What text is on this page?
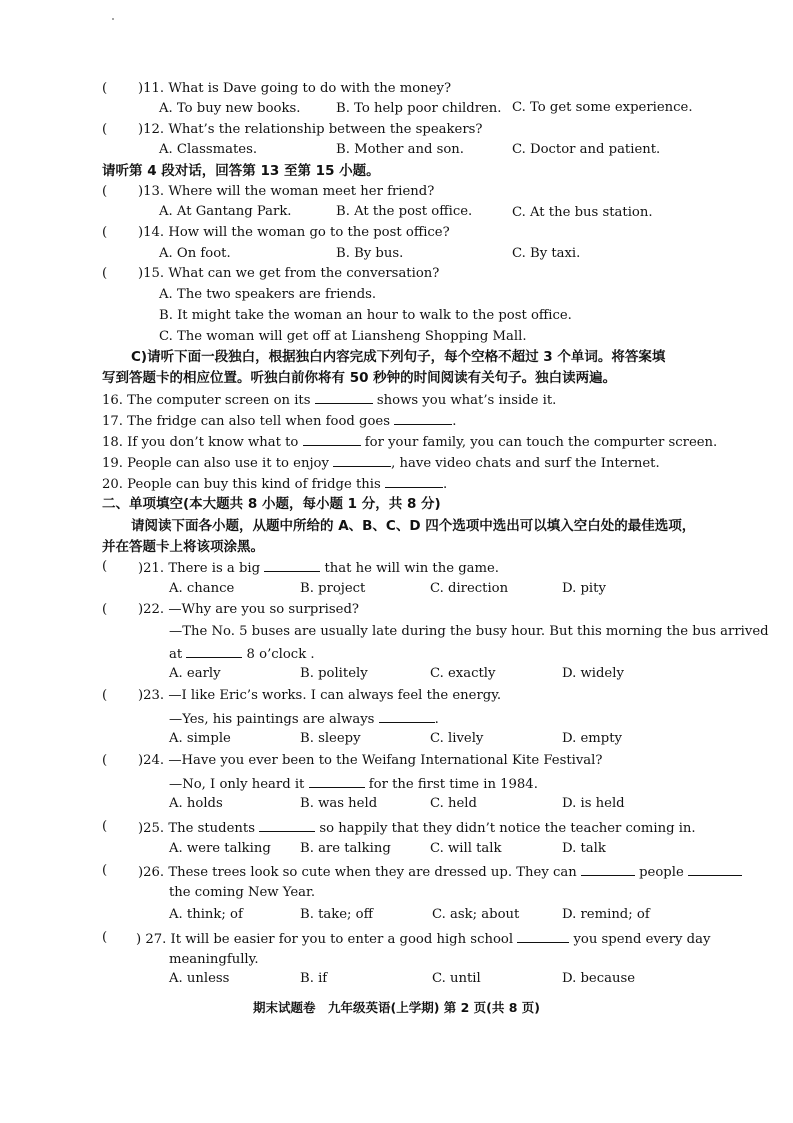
( )11. What is Dave going to do with the money?
A. To buy new books.	B. To help poor children. C. To get some experience.
( )12. What’s the relationship between the speakers?
A. Classmates.	B. Mother and son.	C. Doctor and patient.
请听第 4 段对话，回答第 13 至第 15 小题。
( )13. Where will the woman meet her friend?
A. At Gantang Park.	B. At the post office.	C. At the bus station.
( )14. How will the woman go to the post office?
A. On foot.	B. By bus.	C. By taxi.
( )15. What can we get from the conversation?
A. The two speakers are friends.
B. It might take the woman an hour to walk to the post office.
C. The woman will get off at Liansheng Shopping Mall.
C)请听下面一段独白，根据独白内容完成下列句子，每个空格不超过 3 个单词。将答案填
写到答题卡的相应位置。听独白前你将有 50 秒钟的时间阅读有关句子。独白读两遍。
16. The computer screen on its	shows you what’s inside it.
17. The fridge can also tell when food goes	.
18. If you don’t know what to	for your family, you can touch the compurter screen.
19. People can also use it to enjoy	, have video chats and surf the Internet.
20. People can buy this kind of fridge this	.
二、单项填空(本大题共 8 小题，每小题 1 分，共 8 分)
请阅读下面各小题，从题中所给的 A、B、C、D 四个选项中选出可以填入空白处的最佳选项，
并在答题卡上将该项涂黑。
( )21. There is a big	that he will win the game.
A. chance	B. project	C. direction	D. pity
( )22. —Why are you so surprised?
—The No. 5 buses are usually late during the busy hour. But this morning the bus arrived
at	8 o’clock .
A. early	B. politely	C. exactly	D. widely
( )23. —I like Eric’s works. I can always feel the energy.
—Yes, his paintings are always	.
A. simple	B. sleepy	C. lively	D. empty
( )24. —Have you ever been to the Weifang International Kite Festival?
—No, I only heard it	for the first time in 1984.
A. holds	B. was held	C. held	D. is held
( )25. The students	so happily that they didn’t notice the teacher coming in.
A. were talking B. are talking	C. will talk	D. talk
( )26. These trees look so cute when they are dressed up. They can	people
the coming New Year.
A. think; of	B. take; off	C. ask; about	D. remind; of
( ) 27. It will be easier for you to enter a good high school	you spend every day
meaningfully.
A. unless	B. if	C. until	D. because
期末试题卷　九年级英语(上学期) 第 2 页(共 8 页)
